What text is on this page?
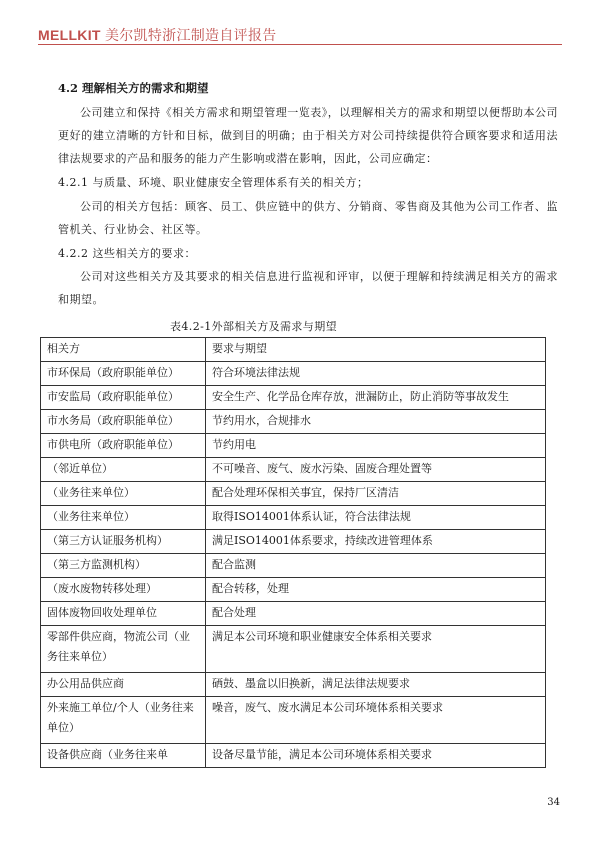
MELLKIT 美尔凯特浙江制造自评报告
4.2 理解相关方的需求和期望

公司建立和保持《相关方需求和期望管理一览表》，以理解相关方的需求和期望以便帮助本公司更好的建立清晰的方针和目标，做到目的明确；由于相关方对公司持续提供符合顾客要求和适用法律法规要求的产品和服务的能力产生影响或潜在影响，因此，公司应确定：

4.2.1 与质量、环境、职业健康安全管理体系有关的相关方；

公司的相关方包括：顾客、员工、供应链中的供方、分销商、零售商及其他为公司工作者、监管机关、行业协会、社区等。

4.2.2 这些相关方的要求：

公司对这些相关方及其要求的相关信息进行监视和评审，以便于理解和持续满足相关方的需求和期望。

表4.2-1外部相关方及需求与期望
相关方	要求与期望
市环保局（政府职能单位）	符合环境法律法规
市安监局（政府职能单位）	安全生产、化学品仓库存放，泄漏防止，防止消防等事故发生
市水务局（政府职能单位）	节约用水，合规排水
市供电所（政府职能单位）	节约用电
（邻近单位）	不可噪音、废气、废水污染、固废合理处置等
（业务往来单位）	配合处理环保相关事宜，保持厂区清洁
（业务往来单位）	取得ISO14001体系认证，符合法律法规
（第三方认证服务机构）	满足ISO14001体系要求，持续改进管理体系
（第三方监测机构）	配合监测
（废水废物转移处理）	配合转移，处理
固体废物回收处理单位	配合处理
零部件供应商，物流公司（业务往来单位）	满足本公司环境和职业健康安全体系相关要求
办公用品供应商	硒鼓、墨盒以旧换新，满足法律法规要求
外来施工单位/个人（业务往来单位）	噪音，废气、废水满足本公司环境体系相关要求
设备供应商（业务往来单	设备尽量节能，满足本公司环境体系相关要求
34
